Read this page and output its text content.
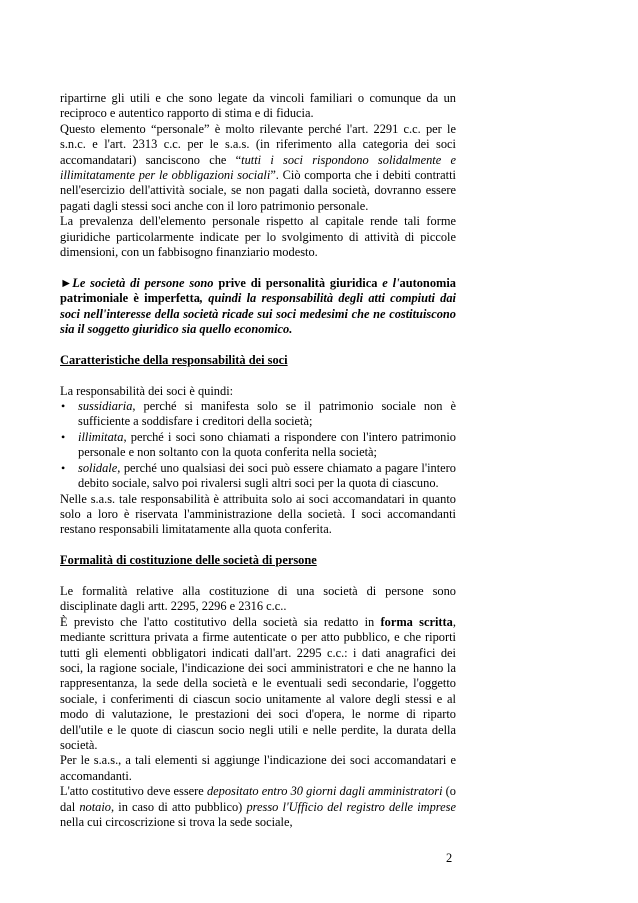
ripartirne gli utili e che sono legate da vincoli familiari o comunque da un reciproco e autentico rapporto di stima e di fiducia.

Questo elemento “personale” è molto rilevante perché l'art. 2291 c.c. per le s.n.c. e l'art. 2313 c.c. per le s.a.s. (in riferimento alla categoria dei soci accomandatari) sanciscono che “tutti i soci rispondono solidalmente e illimitatamente per le obbligazioni sociali”. Ciò comporta che i debiti contratti nell'esercizio dell'attività sociale, se non pagati dalla società, dovranno essere pagati dagli stessi soci anche con il loro patrimonio personale.

La prevalenza dell'elemento personale rispetto al capitale rende tali forme giuridiche particolarmente indicate per lo svolgimento di attività di piccole dimensioni, con un fabbisogno finanziario modesto.

►Le società di persone sono prive di personalità giuridica e l'autonomia patrimoniale è imperfetta, quindi la responsabilità degli atti compiuti dai soci nell'interesse della società ricade sui soci medesimi che ne costituiscono sia il soggetto giuridico sia quello economico.

Caratteristiche della responsabilità dei soci

La responsabilità dei soci è quindi:

• sussidiaria, perché si manifesta solo se il patrimonio sociale non è sufficiente a soddisfare i creditori della società;
• illimitata, perché i soci sono chiamati a rispondere con l'intero patrimonio personale e non soltanto con la quota conferita nella società;
• solidale, perché uno qualsiasi dei soci può essere chiamato a pagare l'intero debito sociale, salvo poi rivalersi sugli altri soci per la quota di ciascuno.

Nelle s.a.s. tale responsabilità è attribuita solo ai soci accomandatari in quanto solo a loro è riservata l'amministrazione della società. I soci accomandanti restano responsabili limitatamente alla quota conferita.

Formalità di costituzione delle società di persone

Le formalità relative alla costituzione di una società di persone sono disciplinate dagli artt. 2295, 2296 e 2316 c.c..

È previsto che l'atto costitutivo della società sia redatto in forma scritta, mediante scrittura privata a firme autenticate o per atto pubblico, e che riporti tutti gli elementi obbligatori indicati dall'art. 2295 c.c.: i dati anagrafici dei soci, la ragione sociale, l'indicazione dei soci amministratori e che ne hanno la rappresentanza, la sede della società e le eventuali sedi secondarie, l'oggetto sociale, i conferimenti di ciascun socio unitamente al valore degli stessi e al modo di valutazione, le prestazioni dei soci d'opera, le norme di riparto dell'utile e le quote di ciascun socio negli utili e nelle perdite, la durata della società.

Per le s.a.s., a tali elementi si aggiunge l'indicazione dei soci accomandatari e accomandanti.

L'atto costitutivo deve essere depositato entro 30 giorni dagli amministratori (o dal notaio, in caso di atto pubblico) presso l'Ufficio del registro delle imprese nella cui circoscrizione si trova la sede sociale,

2
